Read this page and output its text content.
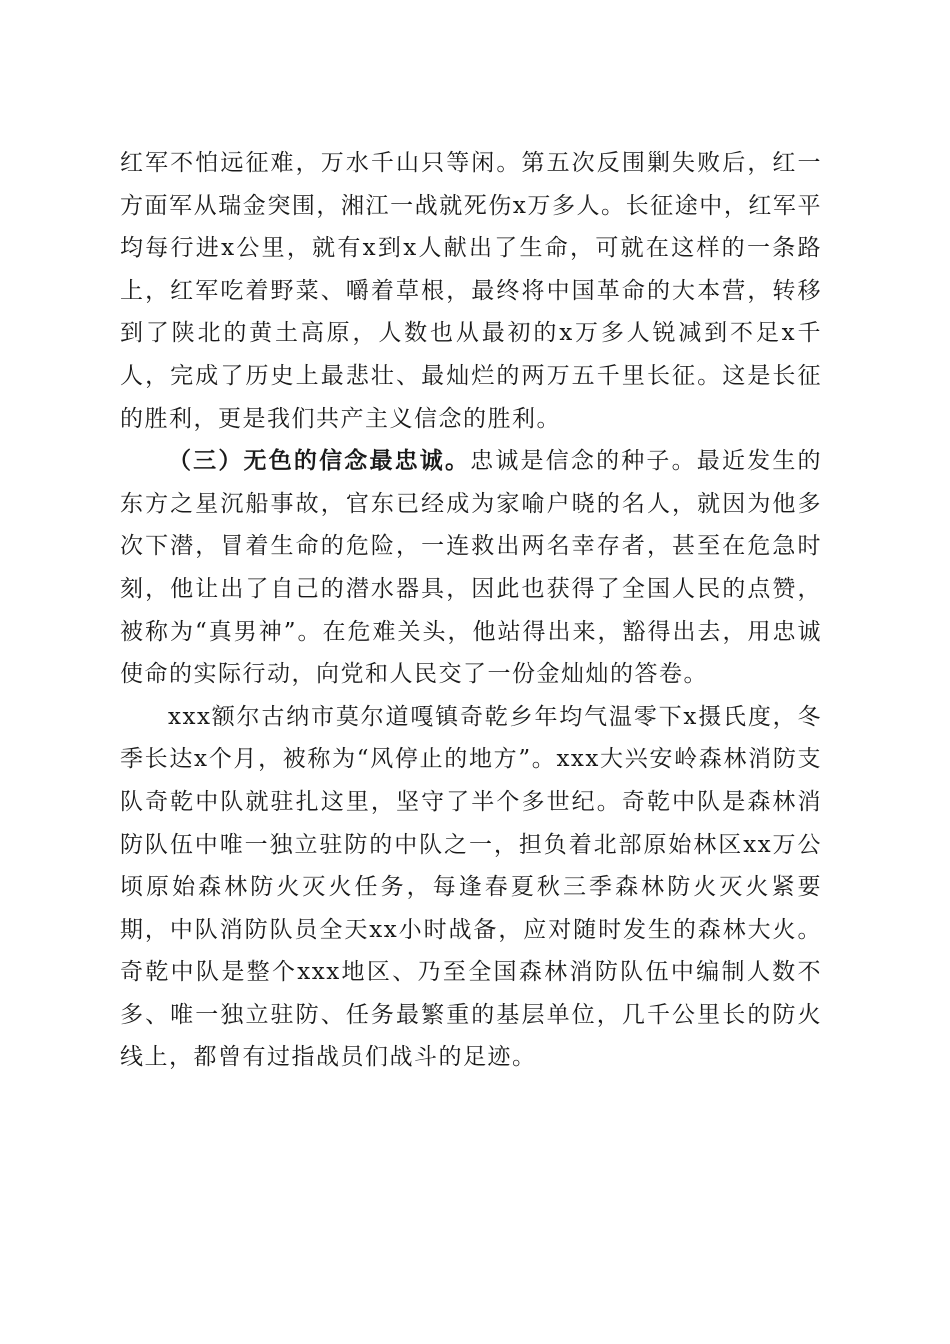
红军不怕远征难，万水千山只等闲。第五次反围剿失败后，红一方面军从瑞金突围，湘江一战就死伤x万多人。长征途中，红军平均每行进x公里，就有x到x人献出了生命，可就在这样的一条路上，红军吃着野菜、嚼着草根，最终将中国革命的大本营，转移到了陕北的黄土高原，人数也从最初的x万多人锐减到不足x千人，完成了历史上最悲壮、最灿烂的两万五千里长征。这是长征的胜利，更是我们共产主义信念的胜利。

（三）无色的信念最忠诚。忠诚是信念的种子。最近发生的东方之星沉船事故，官东已经成为家喻户晓的名人，就因为他多次下潜，冒着生命的危险，一连救出两名幸存者，甚至在危急时刻，他让出了自己的潜水器具，因此也获得了全国人民的点赞，被称为“真男神”。在危难关头，他站得出来，豁得出去，用忠诚使命的实际行动，向党和人民交了一份金灿灿的答卷。

xxx额尔古纳市莫尔道嘎镇奇乾乡年均气温零下x摄氏度，冬季长达x个月，被称为“风停止的地方”。xxx大兴安岭森林消防支队奇乾中队就驻扎这里，坚守了半个多世纪。奇乾中队是森林消防队伍中唯一独立驻防的中队之一，担负着北部原始林区xx万公顷原始森林防火灭火任务，每逢春夏秋三季森林防火灭火紧要期，中队消防队员全天xx小时战备，应对随时发生的森林大火。奇乾中队是整个xxx地区、乃至全国森林消防队伍中编制人数不多、唯一独立驻防、任务最繁重的基层单位，几千公里长的防火线上，都曾有过指战员们战斗的足迹。
